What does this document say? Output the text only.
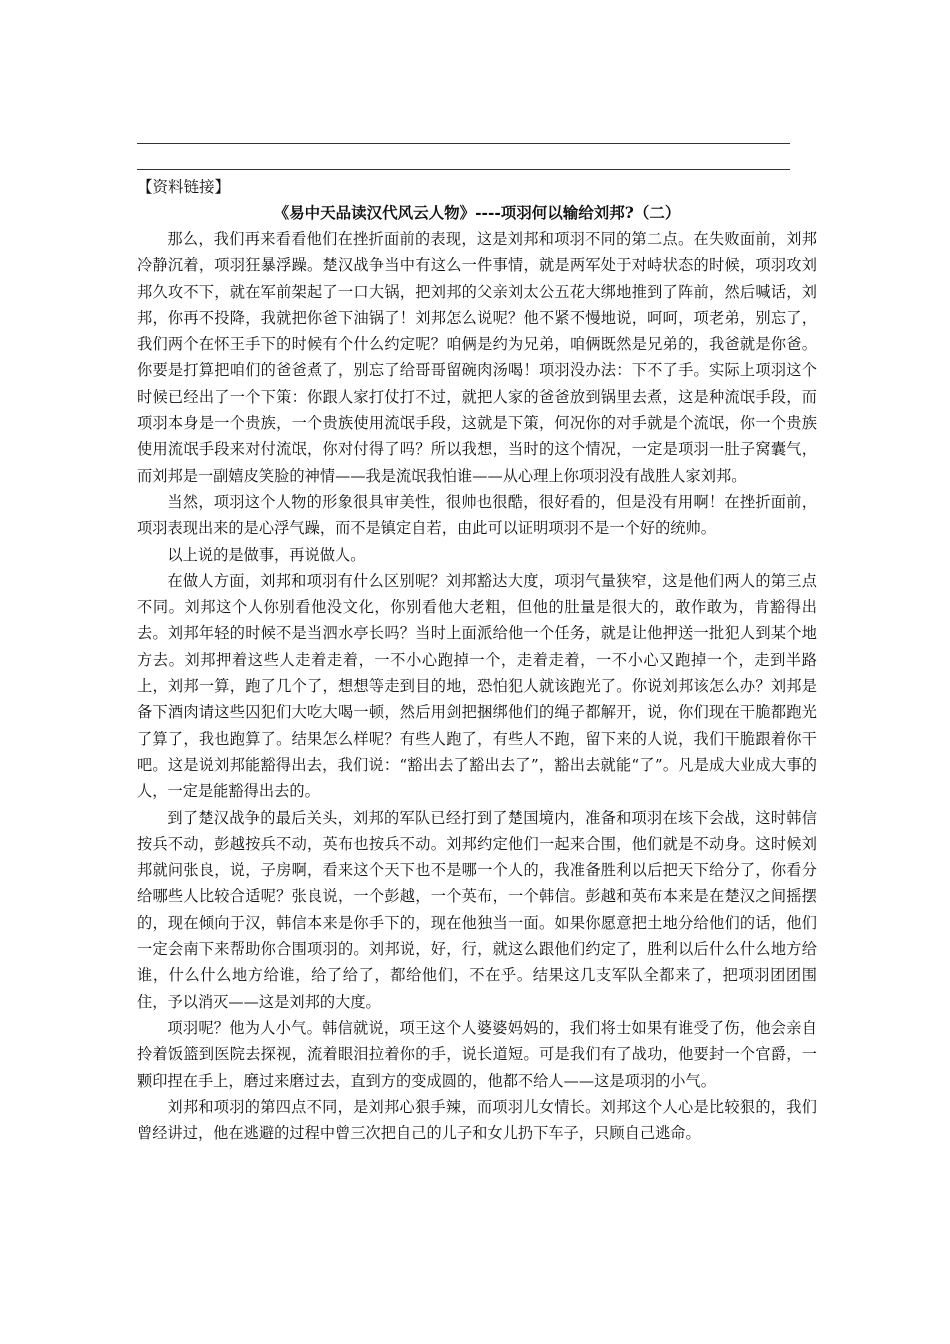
【资料链接】

《易中天品读汉代风云人物》----项羽何以输给刘邦?（二）

那么，我们再来看看他们在挫折面前的表现，这是刘邦和项羽不同的第二点。在失败面前，刘邦冷静沉着，项羽狂暴浮躁。楚汉战争当中有这么一件事情，就是两军处于对峙状态的时候，项羽攻刘邦久攻不下，就在军前架起了一口大锅，把刘邦的父亲刘太公五花大绑地推到了阵前，然后喊话，刘邦，你再不投降，我就把你爸下油锅了！刘邦怎么说呢？他不紧不慢地说，呵呵，项老弟，别忘了，我们两个在怀王手下的时候有个什么约定呢？咱俩是约为兄弟，咱俩既然是兄弟的，我爸就是你爸。你要是打算把咱们的爸爸煮了，别忘了给哥哥留碗肉汤喝！项羽没办法：下不了手。实际上项羽这个时候已经出了一个下策：你跟人家打仗打不过，就把人家的爸爸放到锅里去煮，这是种流氓手段，而项羽本身是一个贵族，一个贵族使用流氓手段，这就是下策，何况你的对手就是个流氓，你一个贵族使用流氓手段来对付流氓，你对付得了吗？所以我想，当时的这个情况，一定是项羽一肚子窝囊气，而刘邦是一副嬉皮笑脸的神情——我是流氓我怕谁——从心理上你项羽没有战胜人家刘邦。

当然，项羽这个人物的形象很具审美性，很帅也很酷，很好看的，但是没有用啊！在挫折面前，项羽表现出来的是心浮气躁，而不是镇定自若，由此可以证明项羽不是一个好的统帅。

以上说的是做事，再说做人。

在做人方面，刘邦和项羽有什么区别呢？刘邦豁达大度，项羽气量狭窄，这是他们两人的第三点不同。刘邦这个人你别看他没文化，你别看他大老粗，但他的肚量是很大的，敢作敢为，肯豁得出去。刘邦年轻的时候不是当泗水亭长吗？当时上面派给他一个任务，就是让他押送一批犯人到某个地方去。刘邦押着这些人走着走着，一不小心跑掉一个，走着走着，一不小心又跑掉一个，走到半路上，刘邦一算，跑了几个了，想想等走到目的地，恐怕犯人就该跑光了。你说刘邦该怎么办？刘邦是备下酒肉请这些囚犯们大吃大喝一顿，然后用剑把捆绑他们的绳子都解开，说，你们现在干脆都跑光了算了，我也跑算了。结果怎么样呢？有些人跑了，有些人不跑，留下来的人说，我们干脆跟着你干吧。这是说刘邦能豁得出去，我们说：“豁出去了豁出去了”，豁出去就能“了”。凡是成大业成大事的人，一定是能豁得出去的。

到了楚汉战争的最后关头，刘邦的军队已经打到了楚国境内，准备和项羽在垓下会战，这时韩信按兵不动，彭越按兵不动，英布也按兵不动。刘邦约定他们一起来合围，他们就是不动身。这时候刘邦就问张良，说，子房啊，看来这个天下也不是哪一个人的，我准备胜利以后把天下给分了，你看分给哪些人比较合适呢？张良说，一个彭越，一个英布，一个韩信。彭越和英布本来是在楚汉之间摇摆的，现在倾向于汉，韩信本来是你手下的，现在他独当一面。如果你愿意把土地分给他们的话，他们一定会南下来帮助你合围项羽的。刘邦说，好，行，就这么跟他们约定了，胜利以后什么什么地方给谁，什么什么地方给谁，给了给了，都给他们，不在乎。结果这几支军队全都来了，把项羽团团围住，予以消灭——这是刘邦的大度。

项羽呢？他为人小气。韩信就说，项王这个人婆婆妈妈的，我们将士如果有谁受了伤，他会亲自拎着饭篮到医院去探视，流着眼泪拉着你的手，说长道短。可是我们有了战功，他要封一个官爵，一颗印捏在手上，磨过来磨过去，直到方的变成圆的，他都不给人——这是项羽的小气。

刘邦和项羽的第四点不同，是刘邦心狠手辣，而项羽儿女情长。刘邦这个人心是比较狠的，我们曾经讲过，他在逃避的过程中曾三次把自己的儿子和女儿扔下车子，只顾自己逃命。
